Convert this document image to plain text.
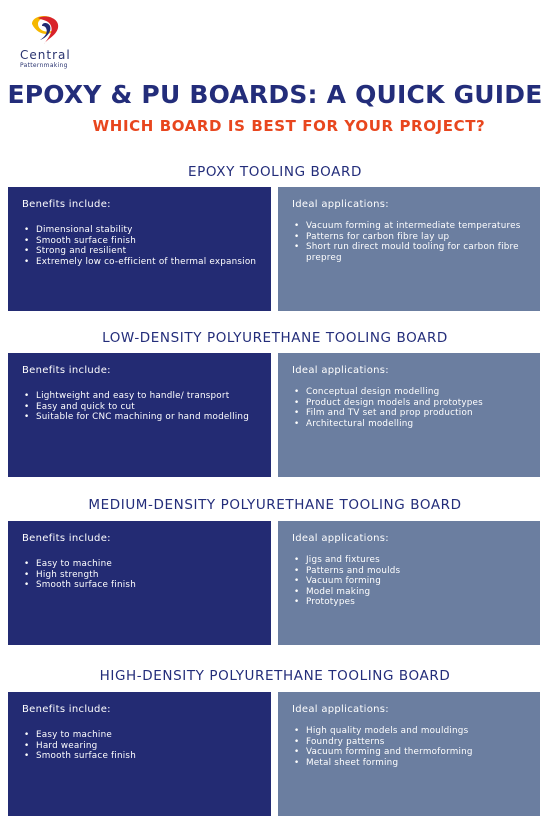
Central
Patternmaking
EPOXY & PU BOARDS: A QUICK GUIDE
WHICH BOARD IS BEST FOR YOUR PROJECT?
EPOXY TOOLING BOARD
Benefits include:
• Dimensional stability
• Smooth surface finish
• Strong and resilient
• Extremely low co-efficient of thermal expansion
Ideal applications:
• Vacuum forming at intermediate temperatures
• Patterns for carbon fibre lay up
• Short run direct mould tooling for carbon fibre prepreg
LOW-DENSITY POLYURETHANE TOOLING BOARD
Benefits include:
• Lightweight and easy to handle/ transport
• Easy and quick to cut
• Suitable for CNC machining or hand modelling
Ideal applications:
• Conceptual design modelling
• Product design models and prototypes
• Film and TV set and prop production
• Architectural modelling
MEDIUM-DENSITY POLYURETHANE TOOLING BOARD
Benefits include:
• Easy to machine
• High strength
• Smooth surface finish
Ideal applications:
• Jigs and fixtures
• Patterns and moulds
• Vacuum forming
• Model making
• Prototypes
HIGH-DENSITY POLYURETHANE TOOLING BOARD
Benefits include:
• Easy to machine
• Hard wearing
• Smooth surface finish
Ideal applications:
• High quality models and mouldings
• Foundry patterns
• Vacuum forming and thermoforming
• Metal sheet forming
